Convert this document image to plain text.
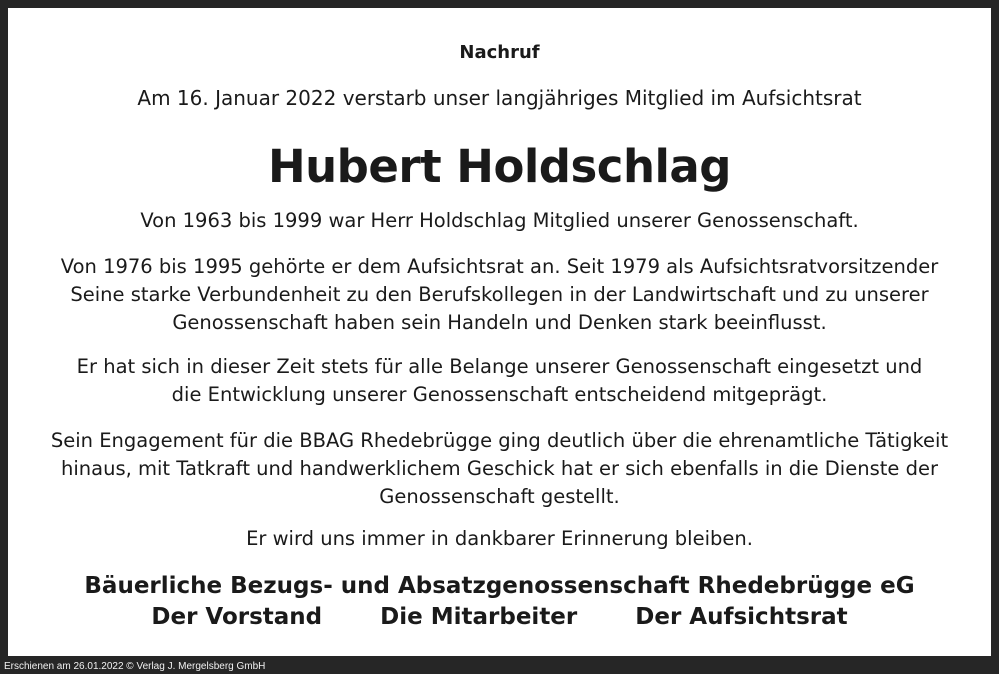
Nachruf
Am 16. Januar 2022 verstarb unser langjähriges Mitglied im Aufsichtsrat
Hubert Holdschlag
Von 1963 bis 1999 war Herr Holdschlag Mitglied unserer Genossenschaft.
Von 1976 bis 1995 gehörte er dem Aufsichtsrat an. Seit 1979 als Aufsichtsratvorsitzender
Seine starke Verbundenheit zu den Berufskollegen in der Landwirtschaft und zu unserer
Genossenschaft haben sein Handeln und Denken stark beeinflusst.
Er hat sich in dieser Zeit stets für alle Belange unserer Genossenschaft eingesetzt und
die Entwicklung unserer Genossenschaft entscheidend mitgeprägt.
Sein Engagement für die BBAG Rhedebrügge ging deutlich über die ehrenamtliche Tätigkeit
hinaus, mit Tatkraft und handwerklichem Geschick hat er sich ebenfalls in die Dienste der
Genossenschaft gestellt.
Er wird uns immer in dankbarer Erinnerung bleiben.
Bäuerliche Bezugs- und Absatzgenossenschaft Rhedebrügge eG
Der Vorstand	Die Mitarbeiter	Der Aufsichtsrat
Erschienen am 26.01.2022 © Verlag J. Mergelsberg GmbH
